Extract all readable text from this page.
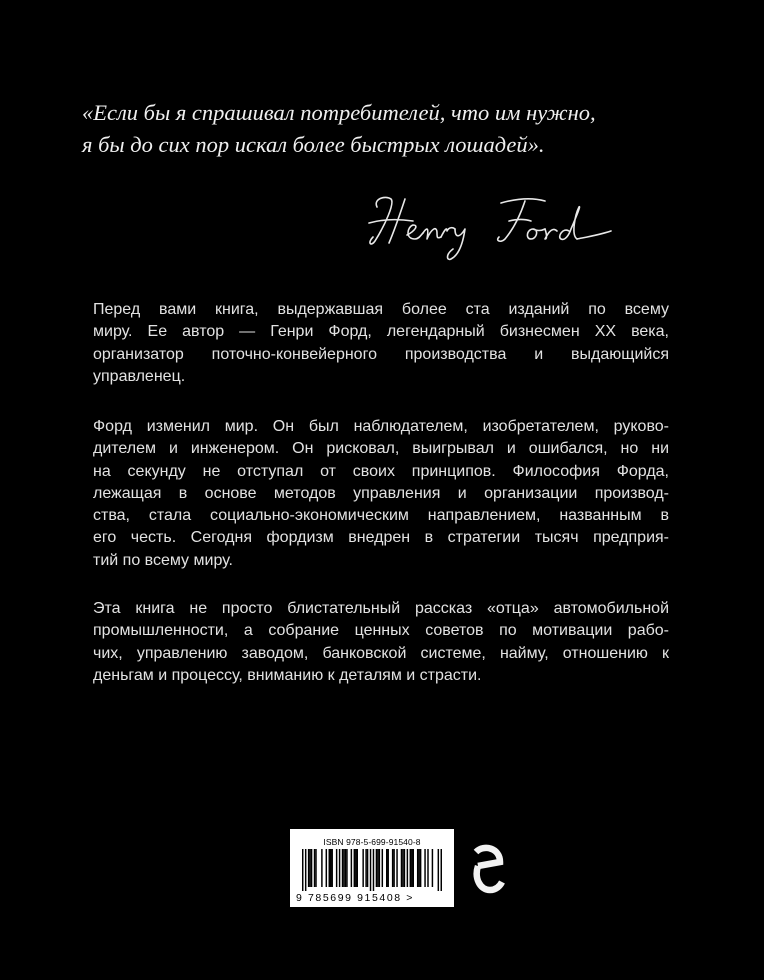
«Если бы я спрашивал потребителей, что им нужно,
я бы до сих пор искал более быстрых лошадей».

Перед вами книга, выдержавшая более ста изданий по всему
миру. Ее автор — Генри Форд, легендарный бизнесмен XX века,
организатор поточно-конвейерного производства и выдающийся
управленец.

Форд изменил мир. Он был наблюдателем, изобретателем, руково-
дителем и инженером. Он рисковал, выигрывал и ошибался, но ни
на секунду не отступал от своих принципов. Философия Форда,
лежащая в основе методов управления и организации производ-
ства, стала социально-экономическим направлением, названным в
его честь. Сегодня фордизм внедрен в стратегии тысяч предприя-
тий по всему миру.

Эта книга не просто блистательный рассказ «отца» автомобильной
промышленности, а собрание ценных советов по мотивации рабо-
чих, управлению заводом, банковской системе, найму, отношению к
деньгам и процессу, вниманию к деталям и страсти.

ISBN 978-5-699-91540-8
9 785699 915408 >
